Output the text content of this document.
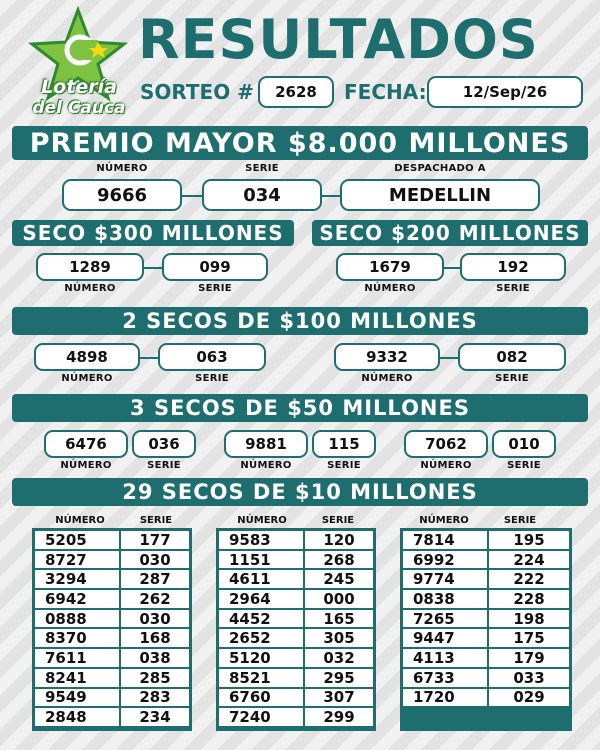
Lotería
del Cauca
RESULTADOS
SORTEO #	2628	FECHA:	12/Sep/26
PREMIO MAYOR $8.000 MILLONES
NÚMERO	SERIE	DESPACHADO A
9666	034	MEDELLIN
SECO $300 MILLONES	SECO $200 MILLONES
1289	099
NÚMERO	SERIE
1679	192
NÚMERO	SERIE
2 SECOS DE $100 MILLONES
4898	063
NÚMERO	SERIE
9332	082
NÚMERO	SERIE
3 SECOS DE $50 MILLONES
6476	036
NÚMERO	SERIE
9881	115
NÚMERO	SERIE
7062	010
NÚMERO	SERIE
29 SECOS DE $10 MILLONES
NÚMERO	SERIE	NÚMERO	SERIE	NÚMERO	SERIE
5205	177
8727	030
3294	287
6942	262
0888	030
8370	168
7611	038
8241	285
9549	283
2848	234
9583	120
1151	268
4611	245
2964	000
4452	165
2652	305
5120	032
8521	295
6760	307
7240	299
7814	195
6992	224
9774	222
0838	228
7265	198
9447	175
4113	179
6733	033
1720	029
